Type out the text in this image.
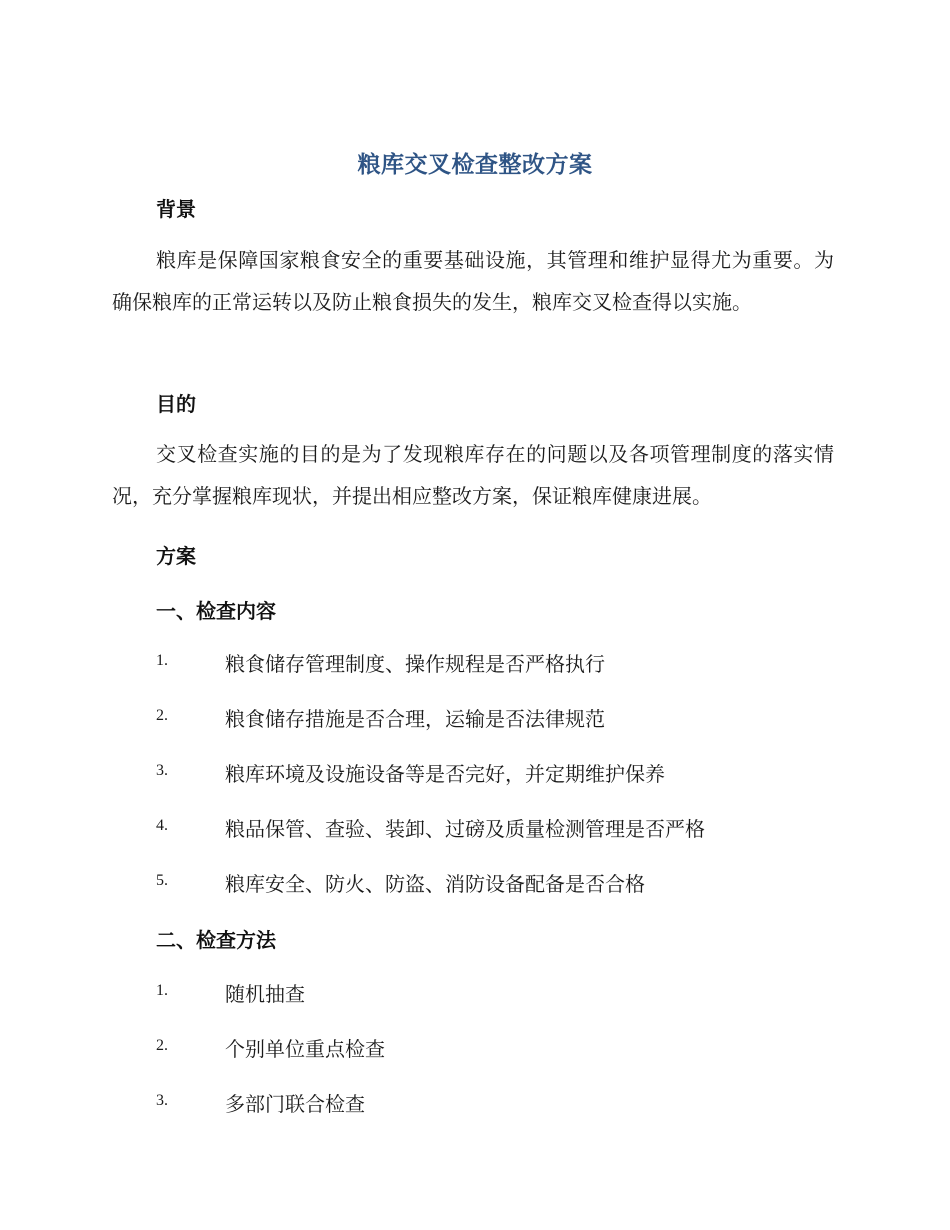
粮库交叉检查整改方案
背景
粮库是保障国家粮食安全的重要基础设施，其管理和维护显得尤为重要。为确保粮库的正常运转以及防止粮食损失的发生，粮库交叉检查得以实施。
目的
交叉检查实施的目的是为了发现粮库存在的问题以及各项管理制度的落实情况，充分掌握粮库现状，并提出相应整改方案，保证粮库健康进展。
方案
一、检查内容
1.	粮食储存管理制度、操作规程是否严格执行
2.	粮食储存措施是否合理，运输是否法律规范
3.	粮库环境及设施设备等是否完好，并定期维护保养
4.	粮品保管、查验、装卸、过磅及质量检测管理是否严格
5.	粮库安全、防火、防盗、消防设备配备是否合格
二、检查方法
1.	随机抽查
2.	个别单位重点检查
3.	多部门联合检查
